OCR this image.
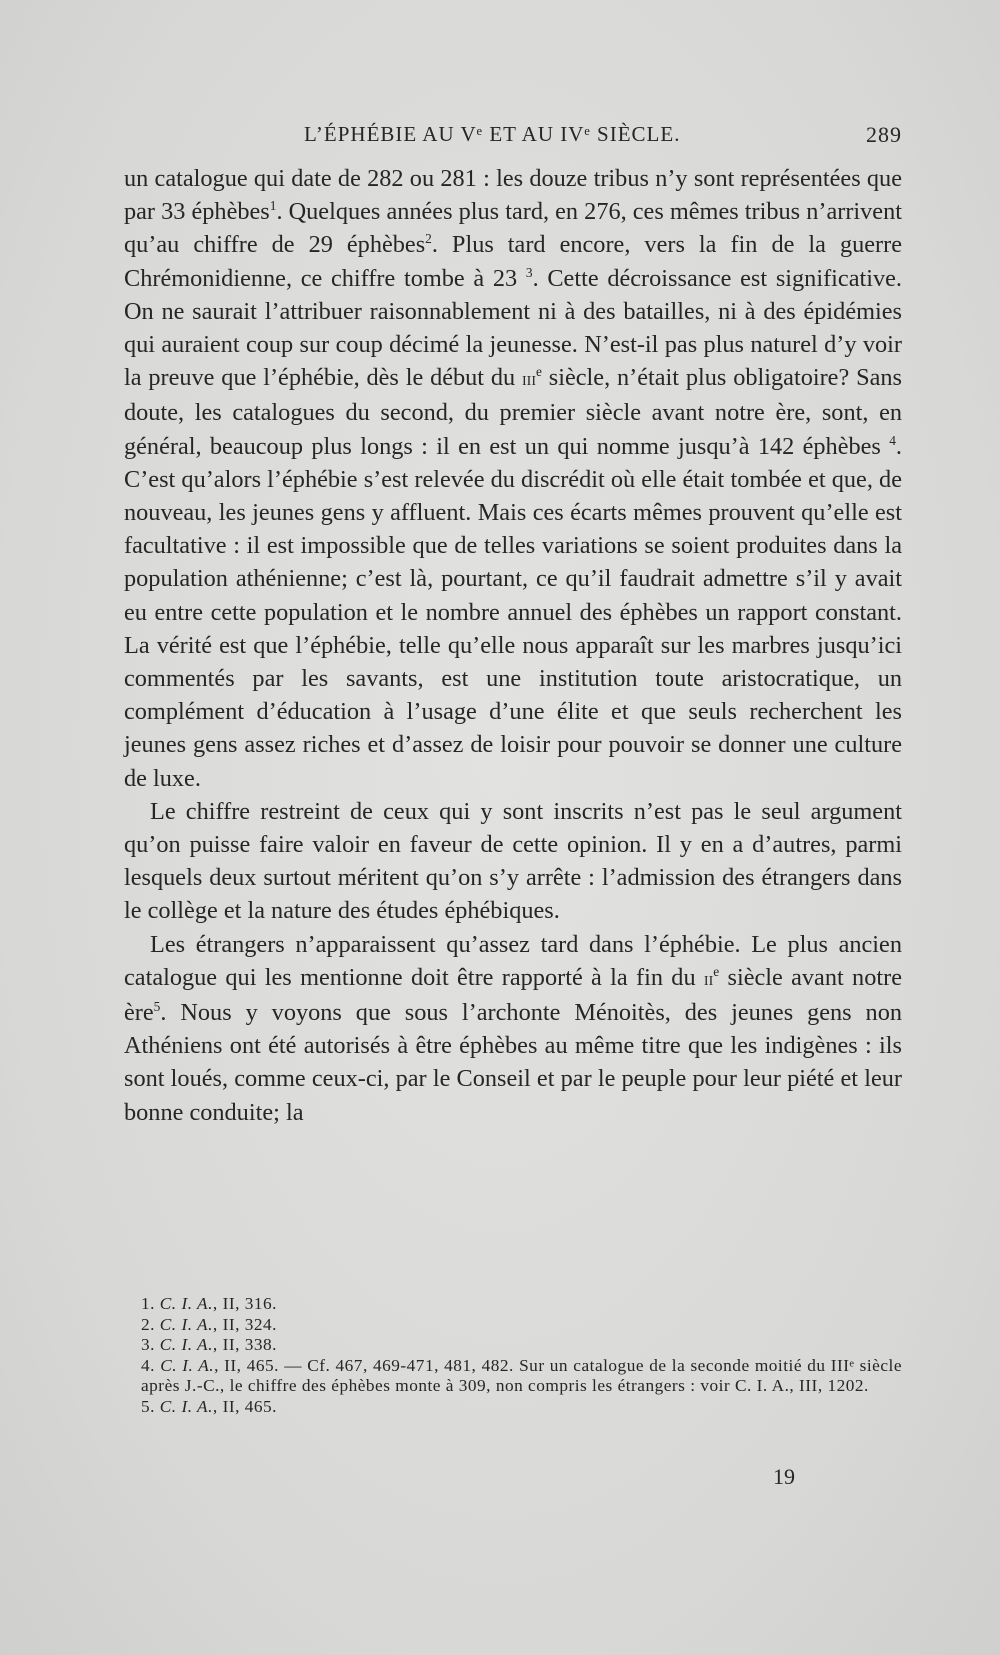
L’ÉPHÉBIE AU Vᵉ ET AU IVᵉ SIÈCLE.	289

un catalogue qui date de 282 ou 281 : les douze tribus n’y sont représentées que par 33 éphèbes$^1$. Quelques années plus tard, en 276, ces mêmes tribus n’arrivent qu’au chiffre de 29 éphèbes$^2$. Plus tard encore, vers la fin de la guerre Chrémonidienne, ce chiffre tombe à 23 $^3$. Cette décroissance est significative. On ne saurait l’attribuer raisonnablement ni à des batailles, ni à des épidémies qui auraient coup sur coup décimé la jeunesse. N’est-il pas plus naturel d’y voir la preuve que l’éphébie, dès le début du iii$^e$ siècle, n’était plus obligatoire? Sans doute, les catalogues du second, du premier siècle avant notre ère, sont, en général, beaucoup plus longs : il en est un qui nomme jusqu’à 142 éphèbes $^4$. C’est qu’alors l’éphébie s’est relevée du discrédit où elle était tombée et que, de nouveau, les jeunes gens y affluent. Mais ces écarts mêmes prouvent qu’elle est facultative : il est impossible que de telles variations se soient produites dans la population athénienne; c’est là, pourtant, ce qu’il faudrait admettre s’il y avait eu entre cette population et le nombre annuel des éphèbes un rapport constant. La vérité est que l’éphébie, telle qu’elle nous apparaît sur les marbres jusqu’ici commentés par les savants, est une institution toute aristocratique, un complément d’éducation à l’usage d’une élite et que seuls recherchent les jeunes gens assez riches et d’assez de loisir pour pouvoir se donner une culture de luxe.

Le chiffre restreint de ceux qui y sont inscrits n’est pas le seul argument qu’on puisse faire valoir en faveur de cette opinion. Il y en a d’autres, parmi lesquels deux surtout méritent qu’on s’y arrête : l’admission des étrangers dans le collège et la nature des études éphébiques.

Les étrangers n’apparaissent qu’assez tard dans l’éphébie. Le plus ancien catalogue qui les mentionne doit être rapporté à la fin du $ii^e$ siècle avant notre ère$^5$. Nous y voyons que sous l’archonte Ménoitès, des jeunes gens non Athéniens ont été autorisés à être éphèbes au même titre que les indigènes : ils sont loués, comme ceux-ci, par le Conseil et par le peuple pour leur piété et leur bonne conduite; la

1. C. I. A., II, 316.

2. C. I. A., II, 324.

3. C. I. A., II, 338.

4. C. I. A., II, 465. — Cf. 467, 469-471, 481, 482. Sur un catalogue de la seconde moitié du IIIᵉ siècle après J.-C., le chiffre des éphèbes monte à 309, non compris les étrangers : voir C. I. A., III, 1202.

5. C. I. A., II, 465.

19
